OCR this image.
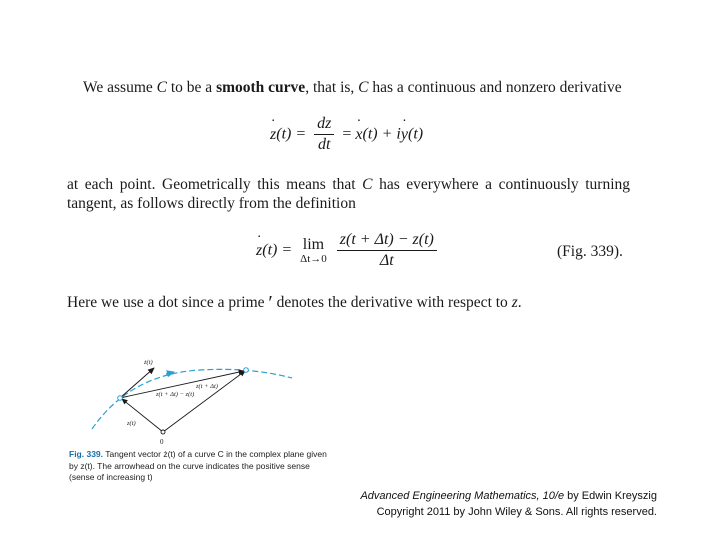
We assume C to be a smooth curve, that is, C has a continuous and nonzero derivative

z ˙(t) = $\frac{dz}{dt} = x$ ˙(t) + iy ˙(t)

at each point. Geometrically this means that C has everywhere a continuously turning tangent, as follows directly from the definition

z ˙(t) = lim
Δt→0
$\frac{z(t + \Delta t) - z(t)}{\Delta t}$	(Fig. 339).

Here we use a dot since a prime ′ denotes the derivative with respect to z.

ż(t)
z(t + Δt)
z(t + Δt) − z(t)
z(t)
0
Fig. 339. Tangent vector ż(t) of a curve C in the complex plane given by z(t). The arrowhead on the curve indicates the positive sense (sense of increasing t)
Advanced Engineering Mathematics, 10/e by Edwin Kreyszig
Copyright 2011 by John Wiley & Sons. All rights reserved.
